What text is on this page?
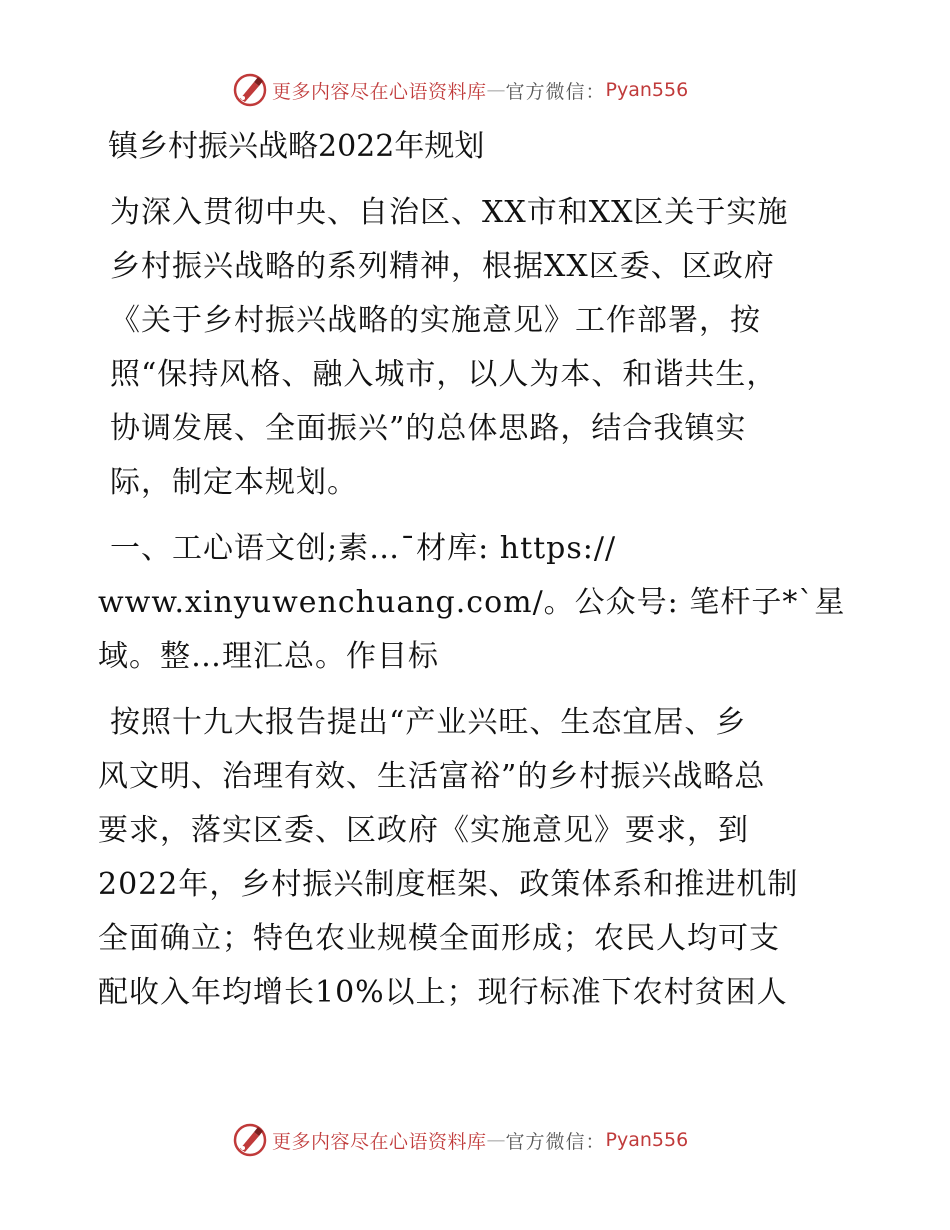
更多内容尽在心语资料库 — 官方微信： Pyan556
镇乡村振兴战略2022年规划
为深入贯彻中央、自治区、XX市和XX区关于实施
乡村振兴战略的系列精神，根据XX区委、区政府
《关于乡村振兴战略的实施意见》工作部署，按
照“保持风格、融入城市，以人为本、和谐共生，
协调发展、全面振兴”的总体思路，结合我镇实
际，制定本规划。
一、工心语文创;素…¯材库: https://
www.xinyuwenchuang.com/。公众号: 笔杆子*`星
域。整…理汇总。作目标
按照十九大报告提出“产业兴旺、生态宜居、乡
风文明、治理有效、生活富裕”的乡村振兴战略总
要求，落实区委、区政府《实施意见》要求，到
2022年，乡村振兴制度框架、政策体系和推进机制
全面确立；特色农业规模全面形成；农民人均可支
配收入年均增长10%以上；现行标准下农村贫困人
更多内容尽在心语资料库 — 官方微信： Pyan556
